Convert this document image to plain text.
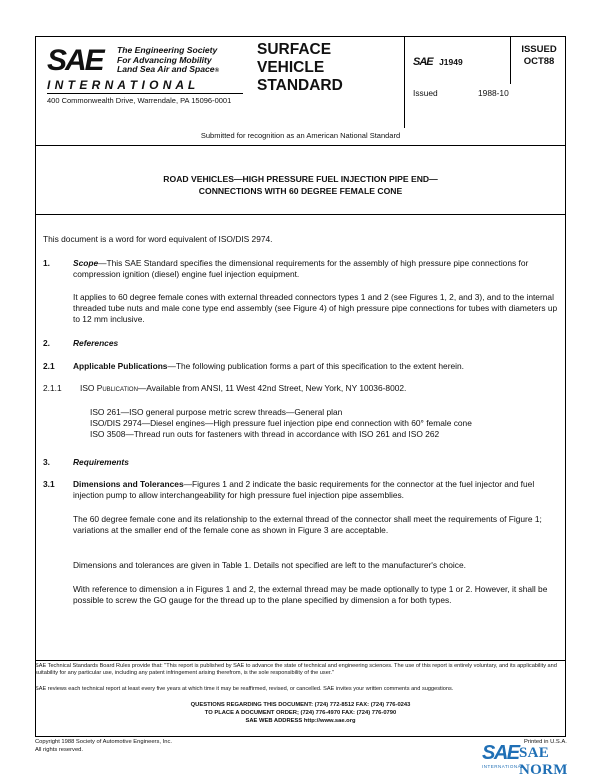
SAE The Engineering Society
For Advancing Mobility
Land Sea Air and Space®
I N T E R N A T I O N A L
400 Commonwealth Drive, Warrendale, PA 15096-0001
SURFACE
VEHICLE
STANDARD
SAE J1949
ISSUED
OCT88
Issued	1988-10
Submitted for recognition as an American National Standard
ROAD VEHICLES—HIGH PRESSURE FUEL INJECTION PIPE END—
CONNECTIONS WITH 60 DEGREE FEMALE CONE
This document is a word for word equivalent of ISO/DIS 2974.
1.	Scope—This SAE Standard specifies the dimensional requirements for the assembly of high pressure pipe connections for compression ignition (diesel) engine fuel injection equipment.

It applies to 60 degree female cones with external threaded connectors types 1 and 2 (see Figures 1, 2, and 3), and to the internal threaded tube nuts and male cone type end assembly (see Figure 4) of high pressure pipe connections for tubes with diameters up to 12 mm inclusive.

2.	References
2.1 Applicable Publications—The following publication forms a part of this specification to the extent herein.

2.1.1 ISO Publication—Available from ANSI, 11 West 42nd Street, New York, NY 10036-8002.

ISO 261—ISO general purpose metric screw threads—General plan
ISO/DIS 2974—Diesel engines—High pressure fuel injection pipe end connection with 60° female cone
ISO 3508—Thread run outs for fasteners with thread in accordance with ISO 261 and ISO 262
3.	Requirements
3.1 Dimensions and Tolerances—Figures 1 and 2 indicate the basic requirements for the connector at the fuel injector and fuel injection pump to allow interchangeability for high pressure fuel injection pipe assemblies.

The 60 degree female cone and its relationship to the external thread of the connector shall meet the requirements of Figure 1; variations at the smaller end of the female cone as shown in Figure 3 are acceptable.

Dimensions and tolerances are given in Table 1. Details not specified are left to the manufacturer's choice.

With reference to dimension a in Figures 1 and 2, the external thread may be made optionally to type 1 or 2. However, it shall be possible to screw the GO gauge for the thread up to the plane specified by dimension a for both types.

SAE Technical Standards Board Rules provide that: "This report is published by SAE to advance the state of technical and engineering sciences. The use of this report is entirely voluntary, and its applicability and suitability for any particular use, including any patent infringement arising therefrom, is the sole responsibility of the user."

SAE reviews each technical report at least every five years at which time it may be reaffirmed, revised, or cancelled. SAE invites your written comments and suggestions.

QUESTIONS REGARDING THIS DOCUMENT: (724) 772-8512 FAX: (724) 776-0243
TO PLACE A DOCUMENT ORDER; (724) 776-4970 FAX: (724) 776-0790
SAE WEB ADDRESS http://www.sae.org
Copyright 1988 Society of Automotive Engineers, Inc.
All rights reserved.
Printed in U.S.A.
SAE SAE NORM
INTERNATIONAL
